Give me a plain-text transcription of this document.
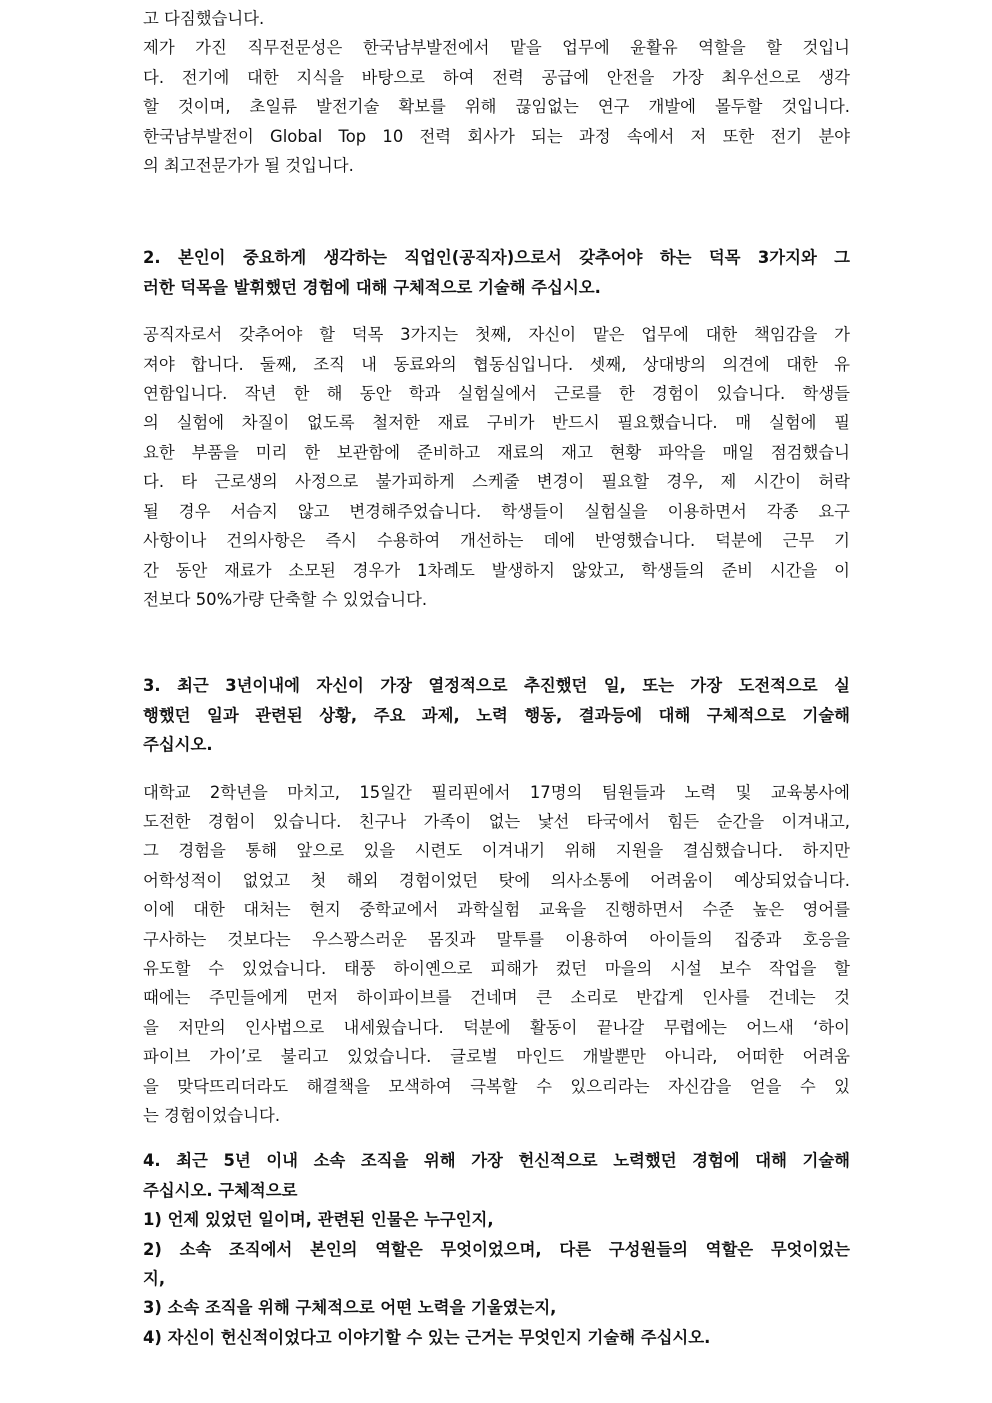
고 다짐했습니다.
제가 가진 직무전문성은 한국남부발전에서 맡을 업무에 윤활유 역할을 할 것입니
다. 전기에 대한 지식을 바탕으로 하여 전력 공급에 안전을 가장 최우선으로 생각
할 것이며, 초일류 발전기술 확보를 위해 끊임없는 연구 개발에 몰두할 것입니다.
한국남부발전이 Global Top 10 전력 회사가 되는 과정 속에서 저 또한 전기 분야
의 최고전문가가 될 것입니다.

2. 본인이 중요하게 생각하는 직업인(공직자)으로서 갖추어야 하는 덕목 3가지와 그
러한 덕목을 발휘했던 경험에 대해 구체적으로 기술해 주십시오.

공직자로서 갖추어야 할 덕목 3가지는 첫째, 자신이 맡은 업무에 대한 책임감을 가
져야 합니다. 둘째, 조직 내 동료와의 협동심입니다. 셋째, 상대방의 의견에 대한 유
연함입니다. 작년 한 해 동안 학과 실험실에서 근로를 한 경험이 있습니다. 학생들
의 실험에 차질이 없도록 철저한 재료 구비가 반드시 필요했습니다. 매 실험에 필
요한 부품을 미리 한 보관함에 준비하고 재료의 재고 현황 파악을 매일 점검했습니
다. 타 근로생의 사정으로 불가피하게 스케줄 변경이 필요할 경우, 제 시간이 허락
될 경우 서슴지 않고 변경해주었습니다. 학생들이 실험실을 이용하면서 각종 요구
사항이나 건의사항은 즉시 수용하여 개선하는 데에 반영했습니다. 덕분에 근무 기
간 동안 재료가 소모된 경우가 1차례도 발생하지 않았고, 학생들의 준비 시간을 이
전보다 50%가량 단축할 수 있었습니다.

3. 최근 3년이내에 자신이 가장 열정적으로 추진했던 일, 또는 가장 도전적으로 실
행했던 일과 관련된 상황, 주요 과제, 노력 행동, 결과등에 대해 구체적으로 기술해
주십시오.

대학교 2학년을 마치고, 15일간 필리핀에서 17명의 팀원들과 노력 및 교육봉사에
도전한 경험이 있습니다. 친구나 가족이 없는 낯선 타국에서 힘든 순간을 이겨내고,
그 경험을 통해 앞으로 있을 시련도 이겨내기 위해 지원을 결심했습니다. 하지만
어학성적이 없었고 첫 해외 경험이었던 탓에 의사소통에 어려움이 예상되었습니다.
이에 대한 대처는 현지 중학교에서 과학실험 교육을 진행하면서 수준 높은 영어를
구사하는 것보다는 우스꽝스러운 몸짓과 말투를 이용하여 아이들의 집중과 호응을
유도할 수 있었습니다. 태풍 하이옌으로 피해가 컸던 마을의 시설 보수 작업을 할
때에는 주민들에게 먼저 하이파이브를 건네며 큰 소리로 반갑게 인사를 건네는 것
을 저만의 인사법으로 내세웠습니다. 덕분에 활동이 끝나갈 무렵에는 어느새 ‘하이
파이브 가이’로 불리고 있었습니다. 글로벌 마인드 개발뿐만 아니라, 어떠한 어려움
을 맞닥뜨리더라도 해결책을 모색하여 극복할 수 있으리라는 자신감을 얻을 수 있
는 경험이었습니다.

4. 최근 5년 이내 소속 조직을 위해 가장 헌신적으로 노력했던 경험에 대해 기술해
주십시오. 구체적으로
1) 언제 있었던 일이며, 관련된 인물은 누구인지,
2) 소속 조직에서 본인의 역할은 무엇이었으며, 다른 구성원들의 역할은 무엇이었는
지,
3) 소속 조직을 위해 구체적으로 어떤 노력을 기울였는지,
4) 자신이 헌신적이었다고 이야기할 수 있는 근거는 무엇인지 기술해 주십시오.
